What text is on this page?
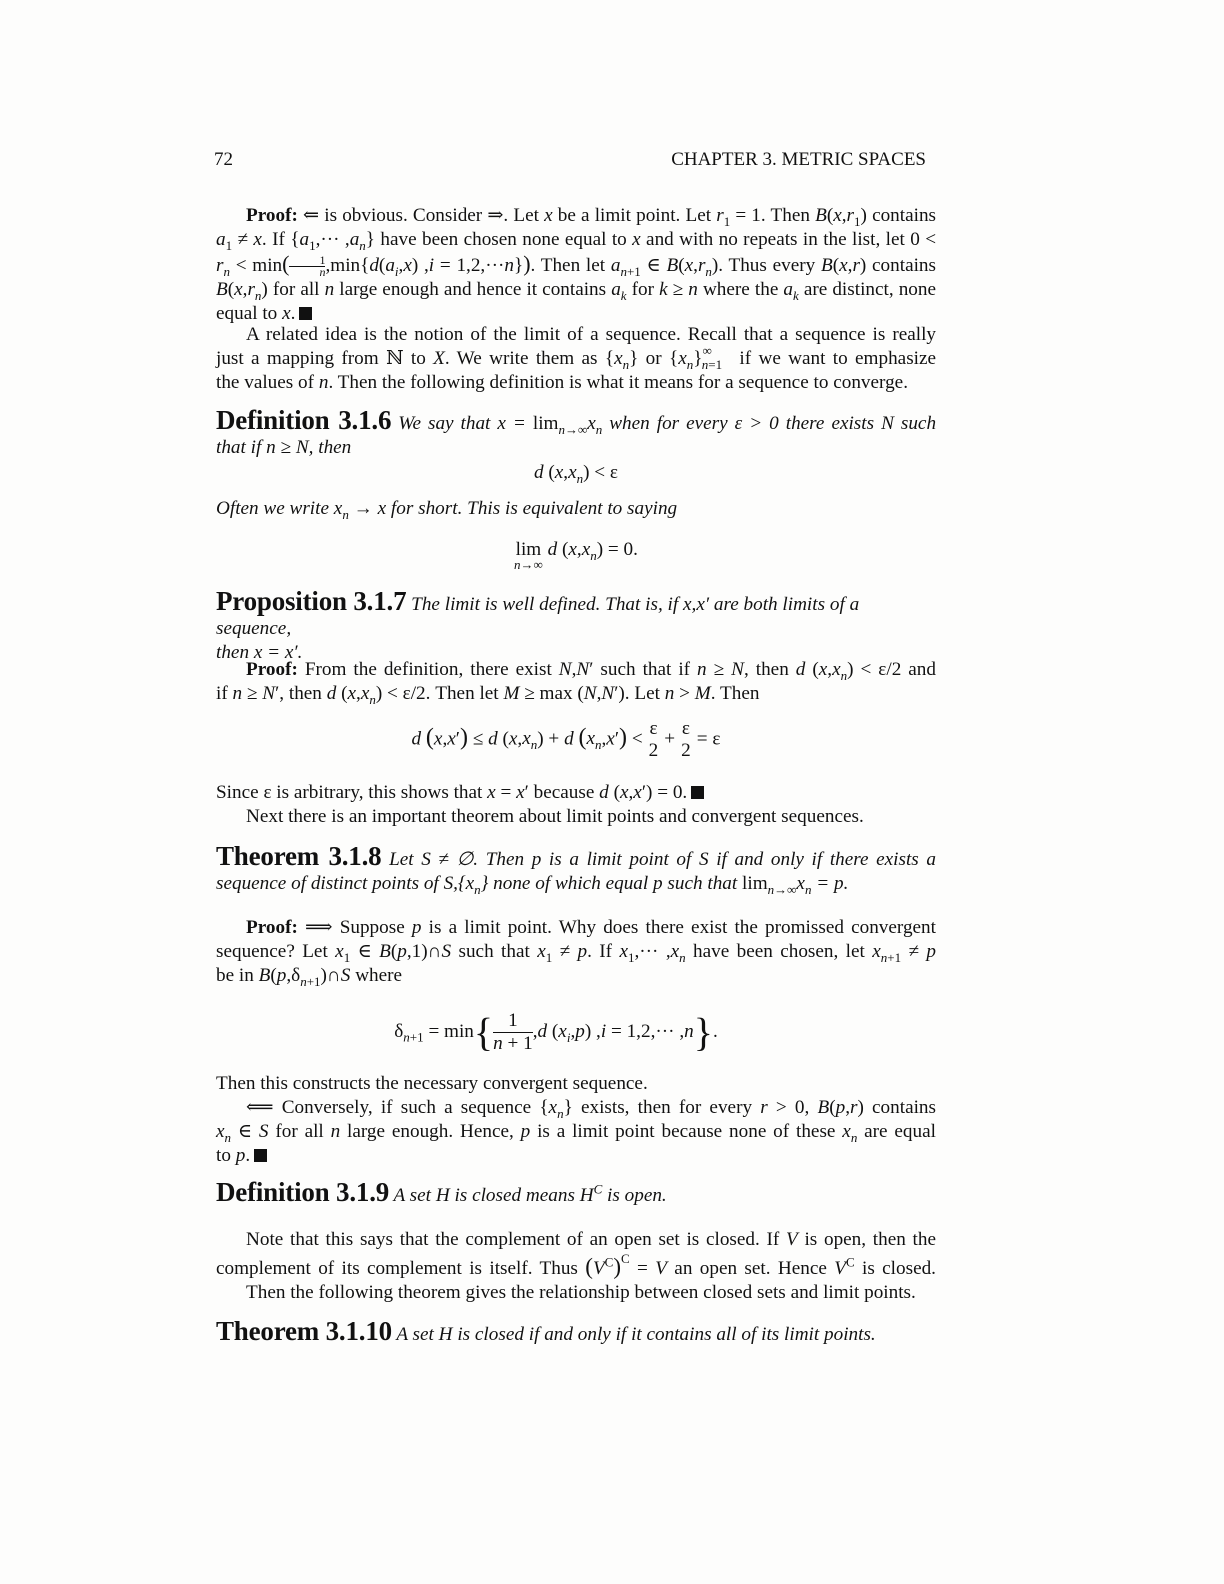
72	CHAPTER 3. METRIC SPACES
Proof: ⇐ is obvious. Consider ⇒. Let x be a limit point. Let $r_1 = 1$. Then $B(x,r_1)$ contains $a_1 \ne x$. If $\{a_1,\cdot\cdot\cdot ,a_n\}$ have been chosen none equal to x and with no repeats in the list, let $0 < r_n < \min( \frac{1}{n} ,\min\{d(a_i,x) ,i = 1,2,\cdot\cdot\cdot n\})$. Then let $a_{n+1}$ ∈ $B(x,r_n)$. Thus every B(x,r) contains $B(x,r_n)$ for all n large enough and hence it contains $a_k$ for k ≥ n where the $a_k$ are distinct, none equal to x.
A related idea is the notion of the limit of a sequence. Recall that a sequence is really
just a mapping from ℕ to X. We write them as $\{x_n\}$ or $\{x_n\}^\infty_{n=1}$ if we want to emphasize
the values of n. Then the following definition is what it means for a sequence to converge.
Definition 3.1.6 We say that $x = \lim_{n\to\infty}x_n$ when for every ε > 0 there exists N such
that if n ≥ N, then
d $(x,x_n) < \varepsilon$
Often we write $x_n \to x$ for short. This is equivalent to saying
lim
n→∞
d $(x,x_n) = 0$.
Proposition 3.1.7 The limit is well defined. That is, if x,x′ are both limits of a sequence,
then x = x′.
Proof: From the definition, there exist N,N′ such that if n ≥ N, then d $(x,x_n) < \varepsilon/2$ and
if n ≥ N′, then d $(x,x_n) < \varepsilon/2$. Then let M ≥ max (N,N′). Let n > M. Then
d (x,x′) ≤ d $(x,x_n) + d$ $(x_n,x') < \varepsilon$
2
+ ε
2
= ε
Since ε is arbitrary, this shows that x = x′ because d (x,x′) = 0.
Next there is an important theorem about limit points and convergent sequences.
Theorem 3.1.8 Let S ≠ ∅. Then p is a limit point of S if and only if there exists a
sequence of distinct points of $S,\{x_n\}$ none of which equal p such that $\lim_{n\to\infty}x_n = p$.
Proof: ⟹ Suppose p is a limit point. Why does there exist the promissed convergent
sequence? Let $x_1$ ∈ B(p,1)∩S such that $x_1 \ne p$. If $x_1,\cdot\cdot\cdot ,x_n$ have been chosen, let $x_{n+1} \ne p$
be in $B(p,\delta_{n+1})\cap S$ where
$\delta_{n+1} = \min\{ \frac{1}{n + 1} ,d$ $(x_i,p) ,i = 1,2,\cdot\cdot\cdot ,n$}.
Then this constructs the necessary convergent sequence.
⟸ Conversely, if such a sequence $\{x_n\}$ exists, then for every r > 0, B(p,r) contains
$x_n$ ∈ S for all n large enough. Hence, p is a limit point because none of these $x_n$ are equal
to p.
Definition 3.1.9 A set H is closed means $H^C$ is open.
Note that this says that the complement of an open set is closed. If V is open, then the
complement of its complement is itself. Thus $(V^C)^C = V$ an open set. Hence $V^C$ is closed.
Then the following theorem gives the relationship between closed sets and limit points.
Theorem 3.1.10 A set H is closed if and only if it contains all of its limit points.
